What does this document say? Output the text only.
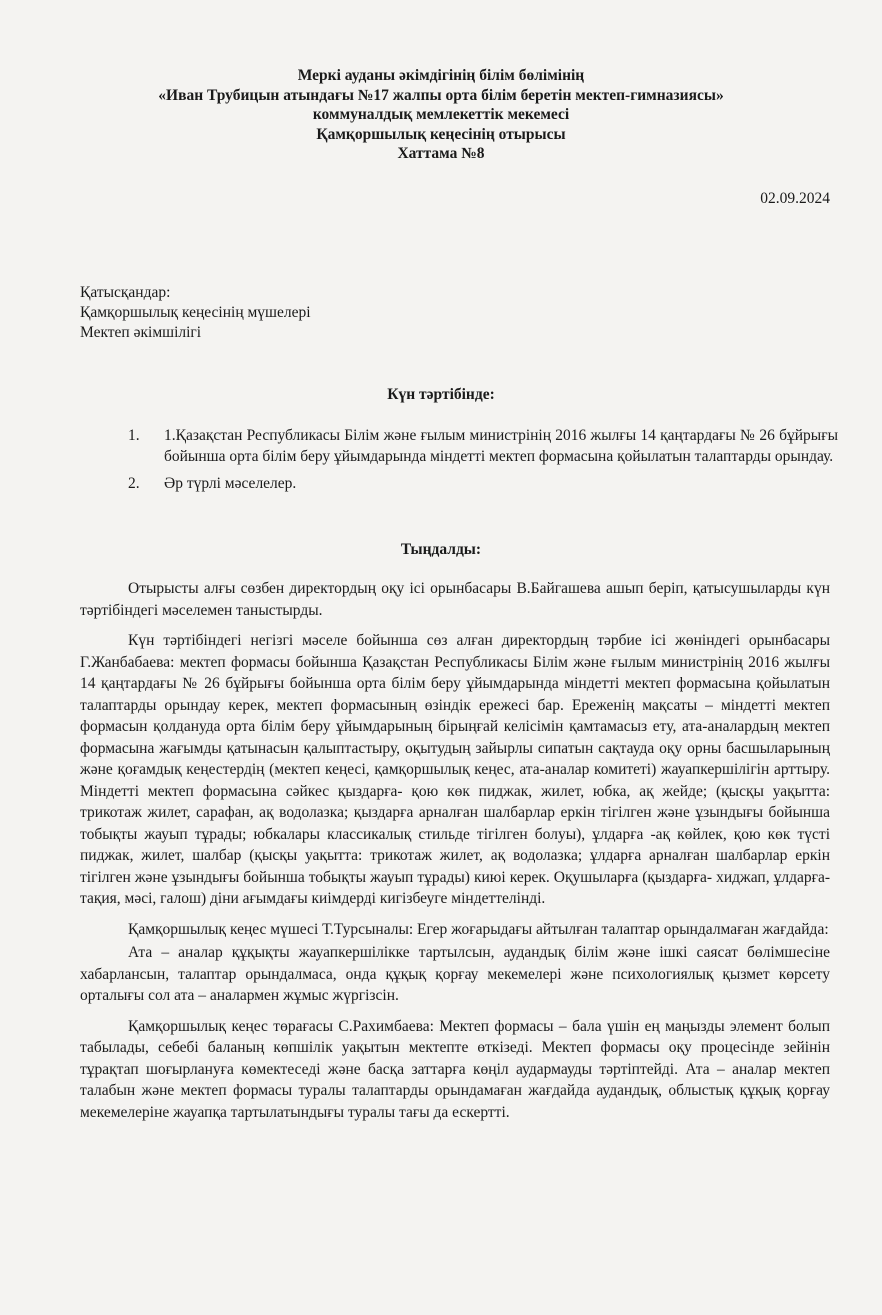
Меркі ауданы әкімдігінің білім бөлімінің
«Иван Трубицын атындағы №17 жалпы орта білім беретін мектеп-гимназиясы»
коммуналдық мемлекеттік мекемесі
Қамқоршылық кеңесінің отырысы
Хаттама №8
02.09.2024
Қатысқандар:
Қамқоршылық кеңесінің мүшелері
Мектеп әкімшілігі
Күн тәртібінде:
1. 1.Қазақстан Республикасы Білім және ғылым министрінің 2016 жылғы 14 қаңтардағы № 26 бұйрығы бойынша орта білім беру ұйымдарында міндетті мектеп формасына қойылатын талаптарды орындау.
2. Әр түрлі мәселелер.
Тыңдалды:

Отырысты алғы сөзбен директордың оқу ісі орынбасары В.Байгашева ашып беріп, қатысушыларды күн тәртібіндегі мәселемен таныстырды.

Күн тәртібіндегі негізгі мәселе бойынша сөз алған директордың тәрбие ісі жөніндегі орынбасары Г.Жанбабаева: мектеп формасы бойынша Қазақстан Республикасы Білім және ғылым министрінің 2016 жылғы 14 қаңтардағы № 26 бұйрығы бойынша орта білім беру ұйымдарында міндетті мектеп формасына қойылатын талаптарды орындау керек, мектеп формасының өзіндік ережесі бар. Ереженің мақсаты – міндетті мектеп формасын қолдануда орта білім беру ұйымдарының бірыңғай келісімін қамтамасыз ету, ата-аналардың мектеп формасына жағымды қатынасын қалыптастыру, оқытудың зайырлы сипатын сақтауда оқу орны басшыларының және қоғамдық кеңестердің (мектеп кеңесі, қамқоршылық кеңес, ата-аналар комитеті) жауапкершілігін арттыру. Міндетті мектеп формасына сәйкес қыздарға- қою көк пиджак, жилет, юбка, ақ жейде; (қысқы уақытта: трикотаж жилет, сарафан, ақ водолазка; қыздарға арналған шалбарлар еркін тігілген және ұзындығы бойынша тобықты жауып тұрады; юбкалары классикалық стильде тігілген болуы), ұлдарға -ақ көйлек, қою көк түсті пиджак, жилет, шалбар (қысқы уақытта: трикотаж жилет, ақ водолазка; ұлдарға арналған шалбарлар еркін тігілген және ұзындығы бойынша тобықты жауып тұрады) киюі керек. Оқушыларға (қыздарға- хиджап, ұлдарға- тақия, мәсі, галош) діни ағымдағы киімдерді кигізбеуге міндеттелінді.

Қамқоршылық кеңес мүшесі Т.Турсыналы: Егер жоғарыдағы айтылған талаптар орындалмаған жағдайда:

Ата – аналар құқықты жауапкершілікке тартылсын, аудандық білім және ішкі саясат бөлімшесіне хабарлансын, талаптар орындалмаса, онда құқық қорғау мекемелері және психологиялық қызмет көрсету орталығы сол ата – аналармен жұмыс жүргізсін.

Қамқоршылық кеңес төрағасы С.Рахимбаева: Мектеп формасы – бала үшін ең маңызды элемент болып табылады, себебі баланың көпшілік уақытын мектепте өткізеді. Мектеп формасы оқу процесінде зейінін тұрақтап шоғырлануға көмектеседі және басқа заттарға көңіл аудармауды тәртіптейді. Ата – аналар мектеп талабын және мектеп формасы туралы талаптарды орындамаған жағдайда аудандық, облыстық құқық қорғау мекемелеріне жауапқа тартылатындығы туралы тағы да ескертті.
